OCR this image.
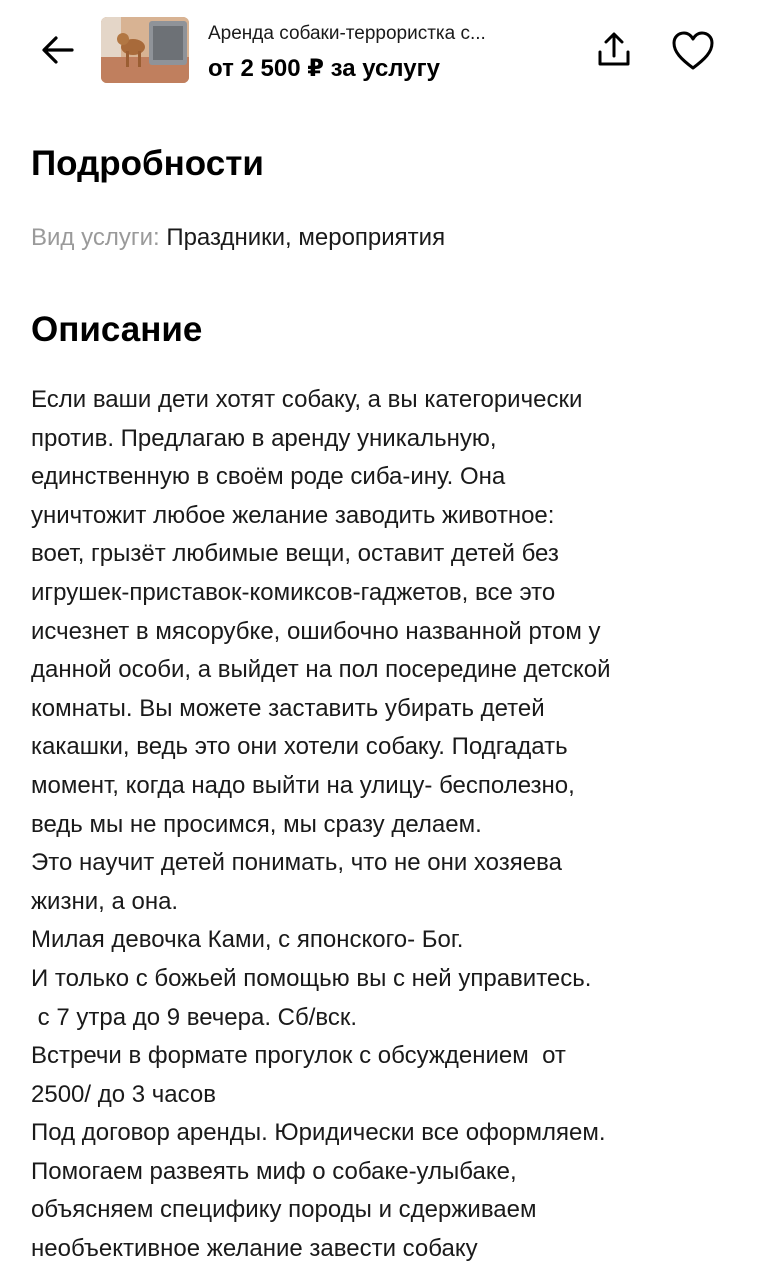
Аренда собаки-террористка с...
от 2 500 ₽ за услугу
Подробности
Вид услуги: Праздники, мероприятия
Описание
Если ваши дети хотят собаку, а вы категорически
против. Предлагаю в аренду уникальную,
единственную в своём роде сиба-ину. Она
уничтожит любое желание заводить животное:
воет, грызёт любимые вещи, оставит детей без
игрушек-приставок-комиксов-гаджетов, все это
исчезнет в мясорубке, ошибочно названной ртом у
данной особи, а выйдет на пол посередине детской
комнаты. Вы можете заставить убирать детей
какашки, ведь это они хотели собаку. Подгадать
момент, когда надо выйти на улицу- бесполезно,
ведь мы не просимся, мы сразу делаем.
Это научит детей понимать, что не они хозяева
жизни, а она.
Милая девочка Ками, с японского- Бог.
И только с божьей помощью вы с ней управитесь.
с 7 утра до 9 вечера. Сб/вск.
Встречи в формате прогулок с обсуждением  от
2500/ до 3 часов
Под договор аренды. Юридически все оформляем.
Помогаем развеять миф о собаке-улыбаке,
объясняем специфику породы и сдерживаем
необъективное желание завести собаку
